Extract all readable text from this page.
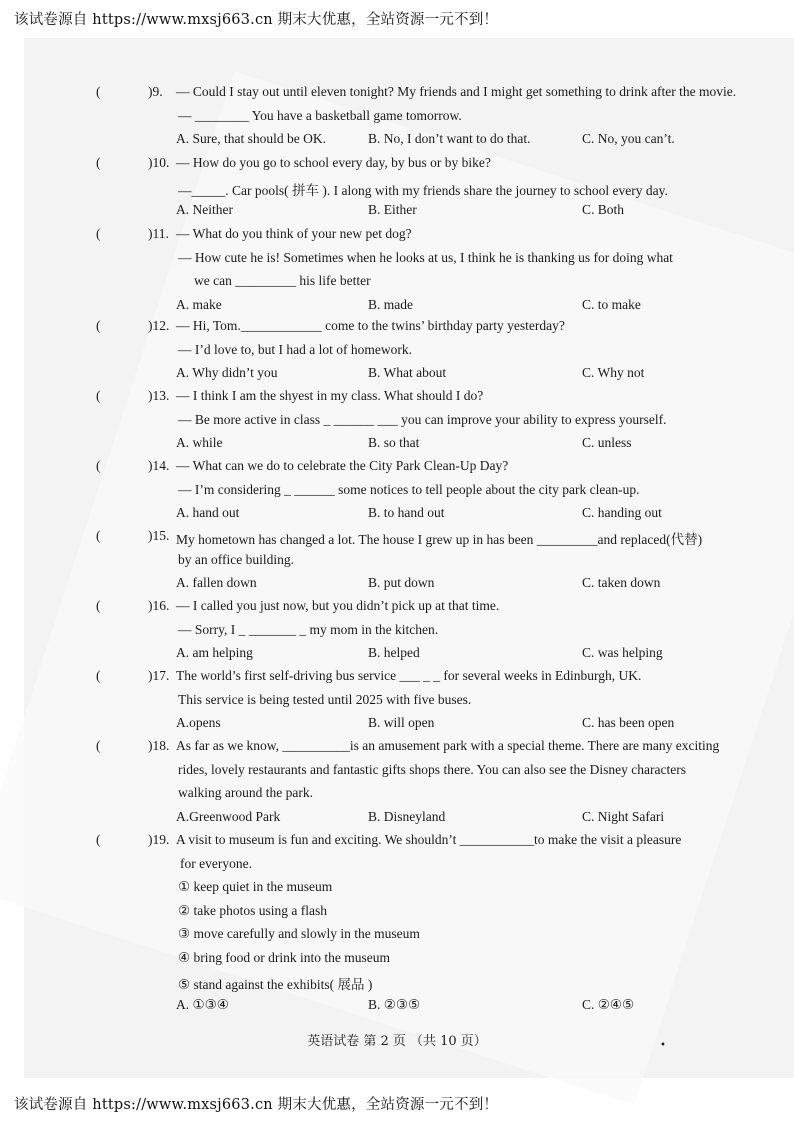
该试卷源自 https://www.mxsj663.cn 期末大优惠，全站资源一元不到！
(	)9. — Could I stay out until eleven tonight? My friends and I might get something to drink after the movie.
— ________ You have a basketball game tomorrow.
A. Sure, that should be OK.	B. No, I don’t want to do that.	C. No, you can’t.
(	)10. — How do you go to school every day, by bus or by bike?
—_____. Car pools( 拼车 ). I along with my friends share the journey to school every day.
A. Neither	B. Either	C. Both
(	)11. — What do you think of your new pet dog?
— How cute he is! Sometimes when he looks at us, I think he is thanking us for doing what
we can _________ his life better
A. make	B. made	C. to make
(	)12. — Hi, Tom.____________ come to the twins’ birthday party yesterday?
— I’d love to, but I had a lot of homework.
A. Why didn’t you	B. What about	C. Why not
(	)13. — I think I am the shyest in my class. What should I do?
— Be more active in class _ ______ ___ you can improve your ability to express yourself.
A. while	B. so that	C. unless
(	)14. — What can we do to celebrate the City Park Clean-Up Day?
— I’m considering _ ______ some notices to tell people about the city park clean-up.
A. hand out	B. to hand out	C. handing out
(	)15. My hometown has changed a lot. The house I grew up in has been _________and replaced(代替)
by an office building.
A. fallen down	B. put down	C. taken down
(	)16. — I called you just now, but you didn’t pick up at that time.
— Sorry, I _ _______ _ my mom in the kitchen.
A. am helping	B. helped	C. was helping
(	)17. The world’s first self-driving bus service ___ _ _ for several weeks in Edinburgh, UK.
This service is being tested until 2025 with five buses.
A.opens	B. will open	C. has been open
(	)18. As far as we know, __________is an amusement park with a special theme. There are many exciting
rides, lovely restaurants and fantastic gifts shops there. You can also see the Disney characters
walking around the park.
A.Greenwood Park	B. Disneyland	C. Night Safari
(	)19. A visit to museum is fun and exciting. We shouldn’t ___________to make the visit a pleasure
for everyone.
① keep quiet in the museum
② take photos using a flash
③ move carefully and slowly in the museum
④ bring food or drink into the museum
⑤ stand against the exhibits( 展品 )
A. ①③④	B. ②③⑤	C. ②④⑤
英语试卷 第 2 页 （共 10 页）	•
该试卷源自 https://www.mxsj663.cn 期末大优惠，全站资源一元不到！
